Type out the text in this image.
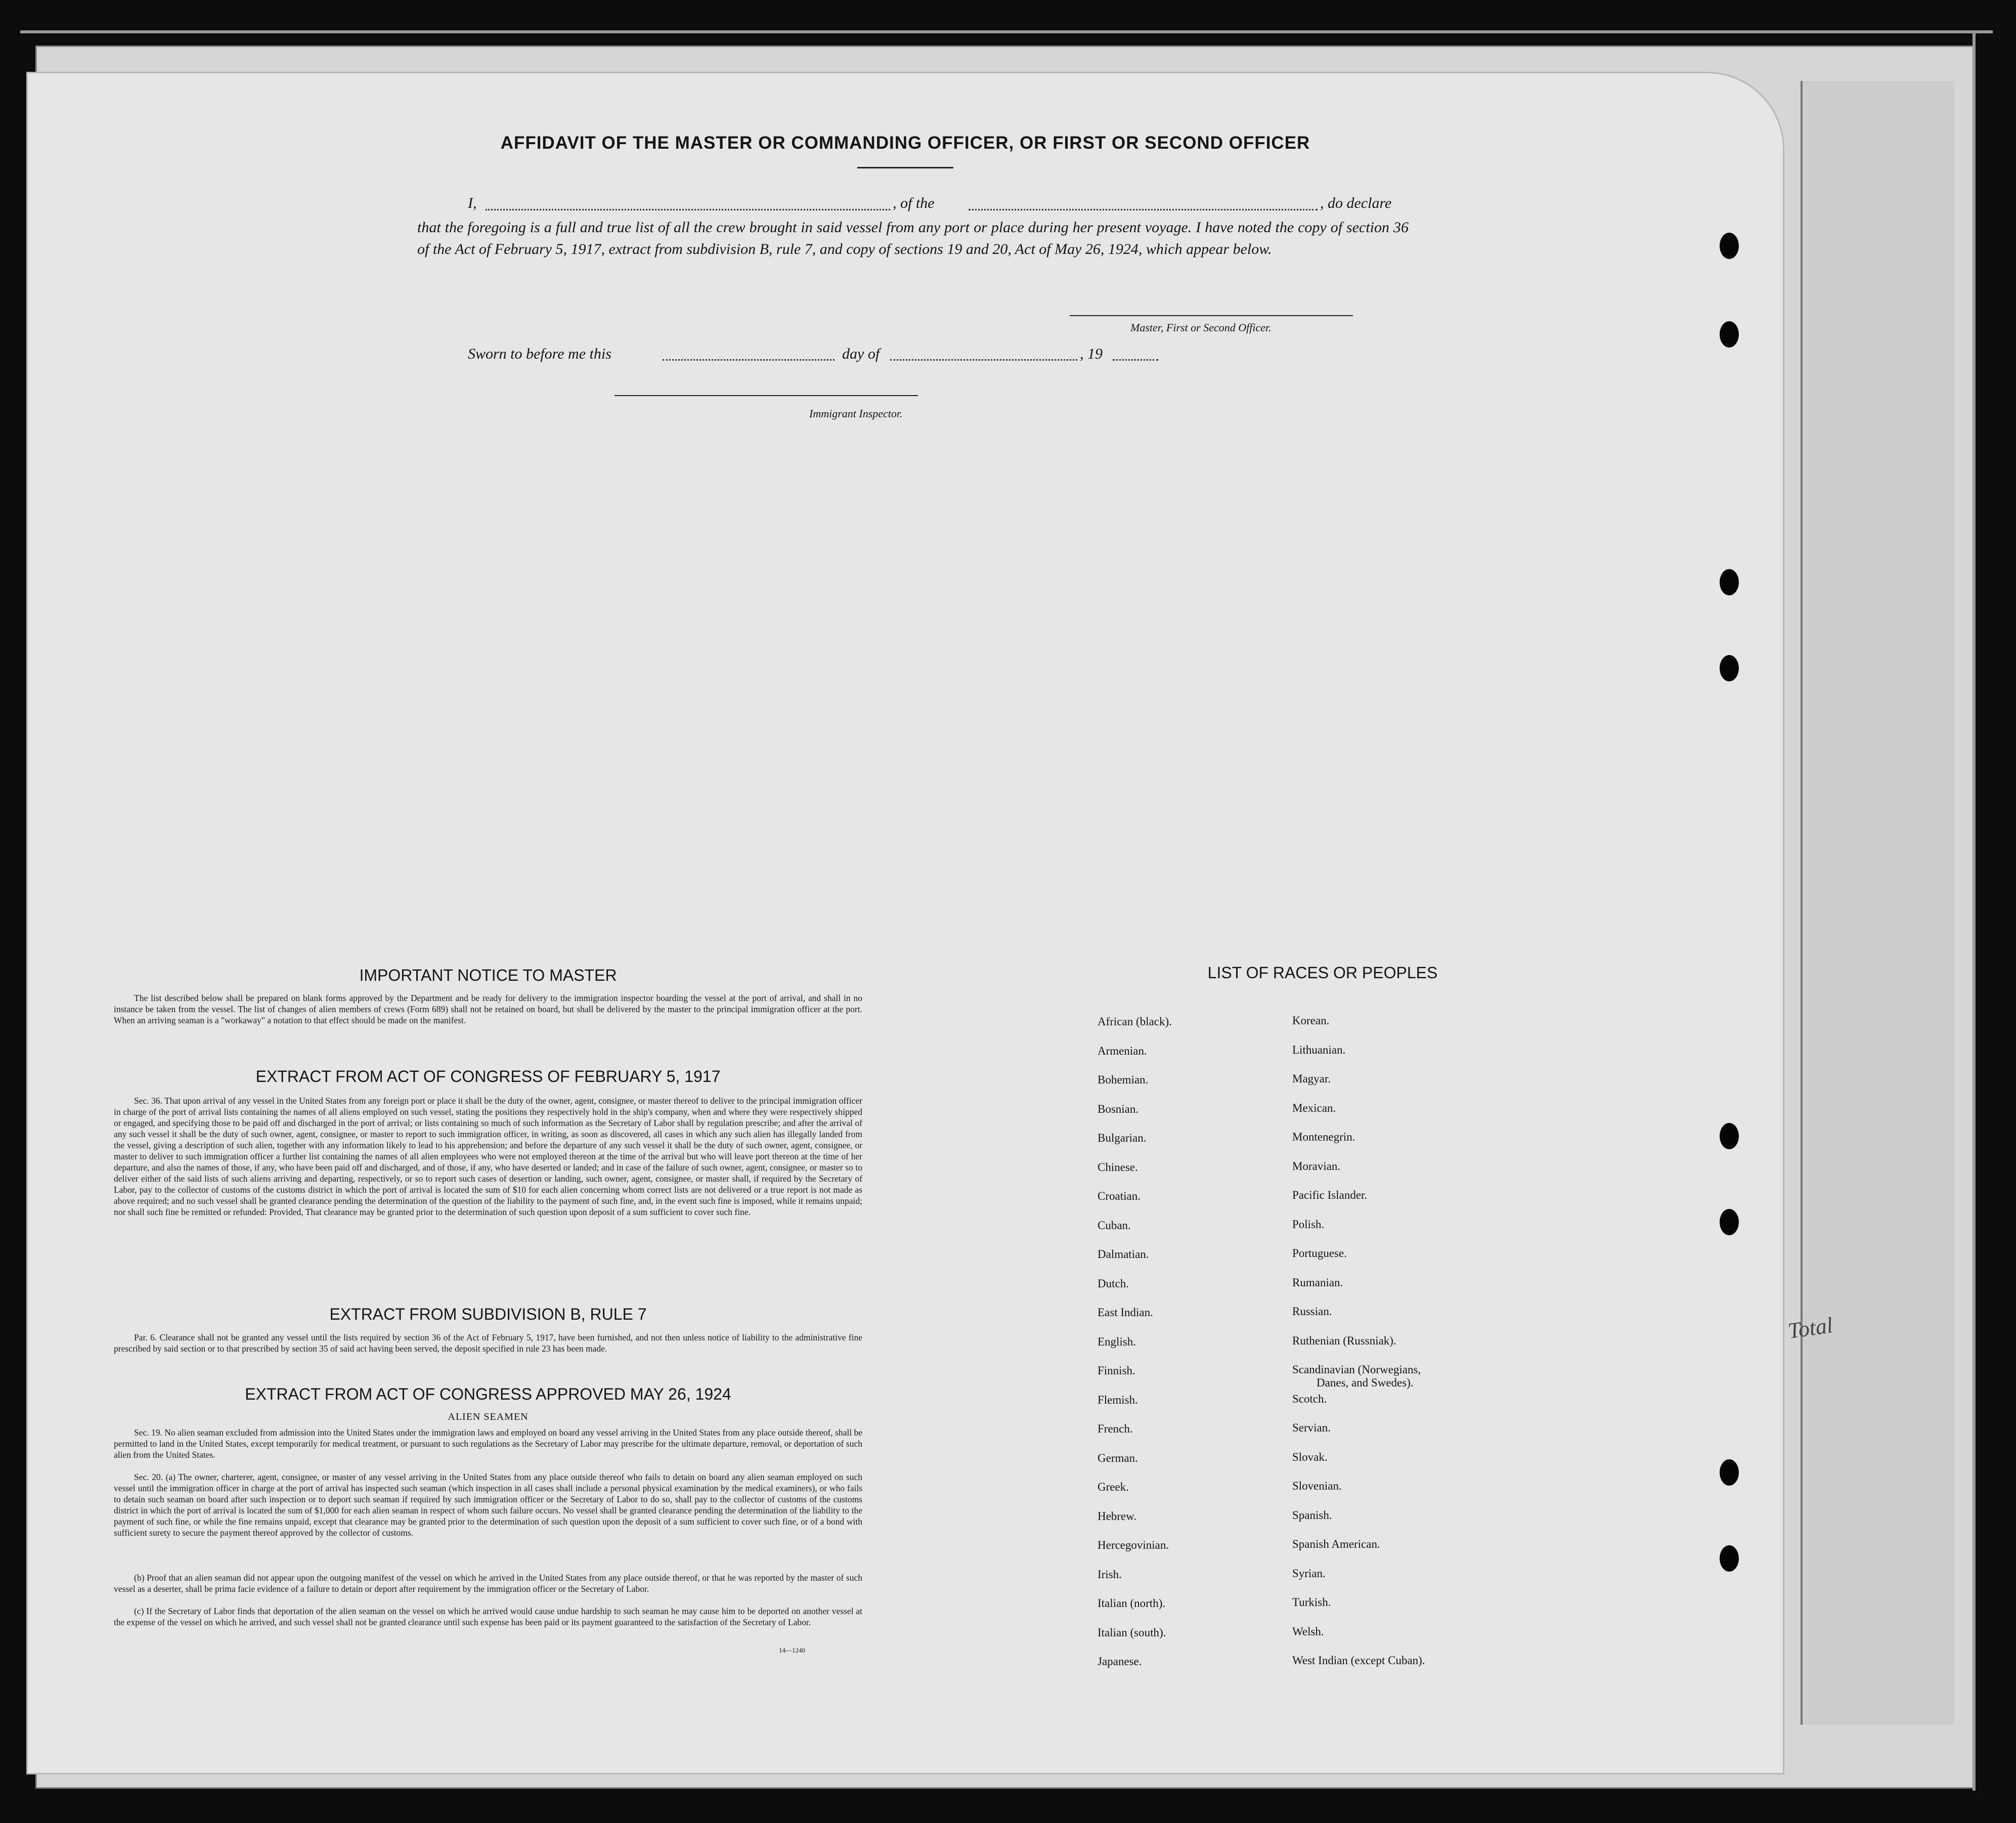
Total
AFFIDAVIT OF THE MASTER OR COMMANDING OFFICER, OR FIRST OR SECOND OFFICER
I,	, of the	, do declare
that the foregoing is a full and true list of all the crew brought in said vessel from any port or place during her present voyage. I have noted the copy of section 36 of the Act of February 5, 1917, extract from subdivision B, rule 7, and copy of sections 19 and 20, Act of May 26, 1924, which appear below.
Master, First or Second Officer.
Sworn to before me this	day of	, 19
Immigrant Inspector.
IMPORTANT NOTICE TO MASTER

The list described below shall be prepared on blank forms approved by the Department and be ready for delivery to the immigration inspector boarding the vessel at the port of arrival, and shall in no instance be taken from the vessel. The list of changes of alien members of crews (Form 689) shall not be retained on board, but shall be delivered by the master to the principal immigration officer at the port. When an arriving seaman is a "workaway" a notation to that effect should be made on the manifest.

EXTRACT FROM ACT OF CONGRESS OF FEBRUARY 5, 1917

Sec. 36. That upon arrival of any vessel in the United States from any foreign port or place it shall be the duty of the owner, agent, consignee, or master thereof to deliver to the principal immigration officer in charge of the port of arrival lists containing the names of all aliens employed on such vessel, stating the positions they respectively hold in the ship's company, when and where they were respectively shipped or engaged, and specifying those to be paid off and discharged in the port of arrival; or lists containing so much of such information as the Secretary of Labor shall by regulation prescribe; and after the arrival of any such vessel it shall be the duty of such owner, agent, consignee, or master to report to such immigration officer, in writing, as soon as discovered, all cases in which any such alien has illegally landed from the vessel, giving a description of such alien, together with any information likely to lead to his apprehension; and before the departure of any such vessel it shall be the duty of such owner, agent, consignee, or master to deliver to such immigration officer a further list containing the names of all alien employees who were not employed thereon at the time of the arrival but who will leave port thereon at the time of her departure, and also the names of those, if any, who have been paid off and discharged, and of those, if any, who have deserted or landed; and in case of the failure of such owner, agent, consignee, or master so to deliver either of the said lists of such aliens arriving and departing, respectively, or so to report such cases of desertion or landing, such owner, agent, consignee, or master shall, if required by the Secretary of Labor, pay to the collector of customs of the customs district in which the port of arrival is located the sum of $10 for each alien concerning whom correct lists are not delivered or a true report is not made as above required; and no such vessel shall be granted clearance pending the determination of the question of the liability to the payment of such fine, and, in the event such fine is imposed, while it remains unpaid; nor shall such fine be remitted or refunded: Provided, That clearance may be granted prior to the determination of such question upon deposit of a sum sufficient to cover such fine.

EXTRACT FROM SUBDIVISION B, RULE 7

Par. 6. Clearance shall not be granted any vessel until the lists required by section 36 of the Act of February 5, 1917, have been furnished, and not then unless notice of liability to the administrative fine prescribed by said section or to that prescribed by section 35 of said act having been served, the deposit specified in rule 23 has been made.

EXTRACT FROM ACT OF CONGRESS APPROVED MAY 26, 1924
ALIEN SEAMEN

Sec. 19. No alien seaman excluded from admission into the United States under the immigration laws and employed on board any vessel arriving in the United States from any place outside thereof, shall be permitted to land in the United States, except temporarily for medical treatment, or pursuant to such regulations as the Secretary of Labor may prescribe for the ultimate departure, removal, or deportation of such alien from the United States.

Sec. 20. (a) The owner, charterer, agent, consignee, or master of any vessel arriving in the United States from any place outside thereof who fails to detain on board any alien seaman employed on such vessel until the immigration officer in charge at the port of arrival has inspected such seaman (which inspection in all cases shall include a personal physical examination by the medical examiners), or who fails to detain such seaman on board after such inspection or to deport such seaman if required by such immigration officer or the Secretary of Labor to do so, shall pay to the collector of customs of the customs district in which the port of arrival is located the sum of $1,000 for each alien seaman in respect of whom such failure occurs. No vessel shall be granted clearance pending the determination of the liability to the payment of such fine, or while the fine remains unpaid, except that clearance may be granted prior to the determination of such question upon the deposit of a sum sufficient to cover such fine, or of a bond with sufficient surety to secure the payment thereof approved by the collector of customs.

(b) Proof that an alien seaman did not appear upon the outgoing manifest of the vessel on which he arrived in the United States from any place outside thereof, or that he was reported by the master of such vessel as a deserter, shall be prima facie evidence of a failure to detain or deport after requirement by the immigration officer or the Secretary of Labor.

(c) If the Secretary of Labor finds that deportation of the alien seaman on the vessel on which he arrived would cause undue hardship to such seaman he may cause him to be deported on another vessel at the expense of the vessel on which he arrived, and such vessel shall not be granted clearance until such expense has been paid or its payment guaranteed to the satisfaction of the Secretary of Labor.

14—1240
LIST OF RACES OR PEOPLES
African (black).
Armenian.
Bohemian.
Bosnian.
Bulgarian.
Chinese.
Croatian.
Cuban.
Dalmatian.
Dutch.
East Indian.
English.
Finnish.
Flemish.
French.
German.
Greek.
Hebrew.
Hercegovinian.
Irish.
Italian (north).
Italian (south).
Japanese.
Korean.
Lithuanian.
Magyar.
Mexican.
Montenegrin.
Moravian.
Pacific Islander.
Polish.
Portuguese.
Rumanian.
Russian.
Ruthenian (Russniak).
Scandinavian (Norwegians,
Danes, and Swedes).
Scotch.
Servian.
Slovak.
Slovenian.
Spanish.
Spanish American.
Syrian.
Turkish.
Welsh.
West Indian (except Cuban).
